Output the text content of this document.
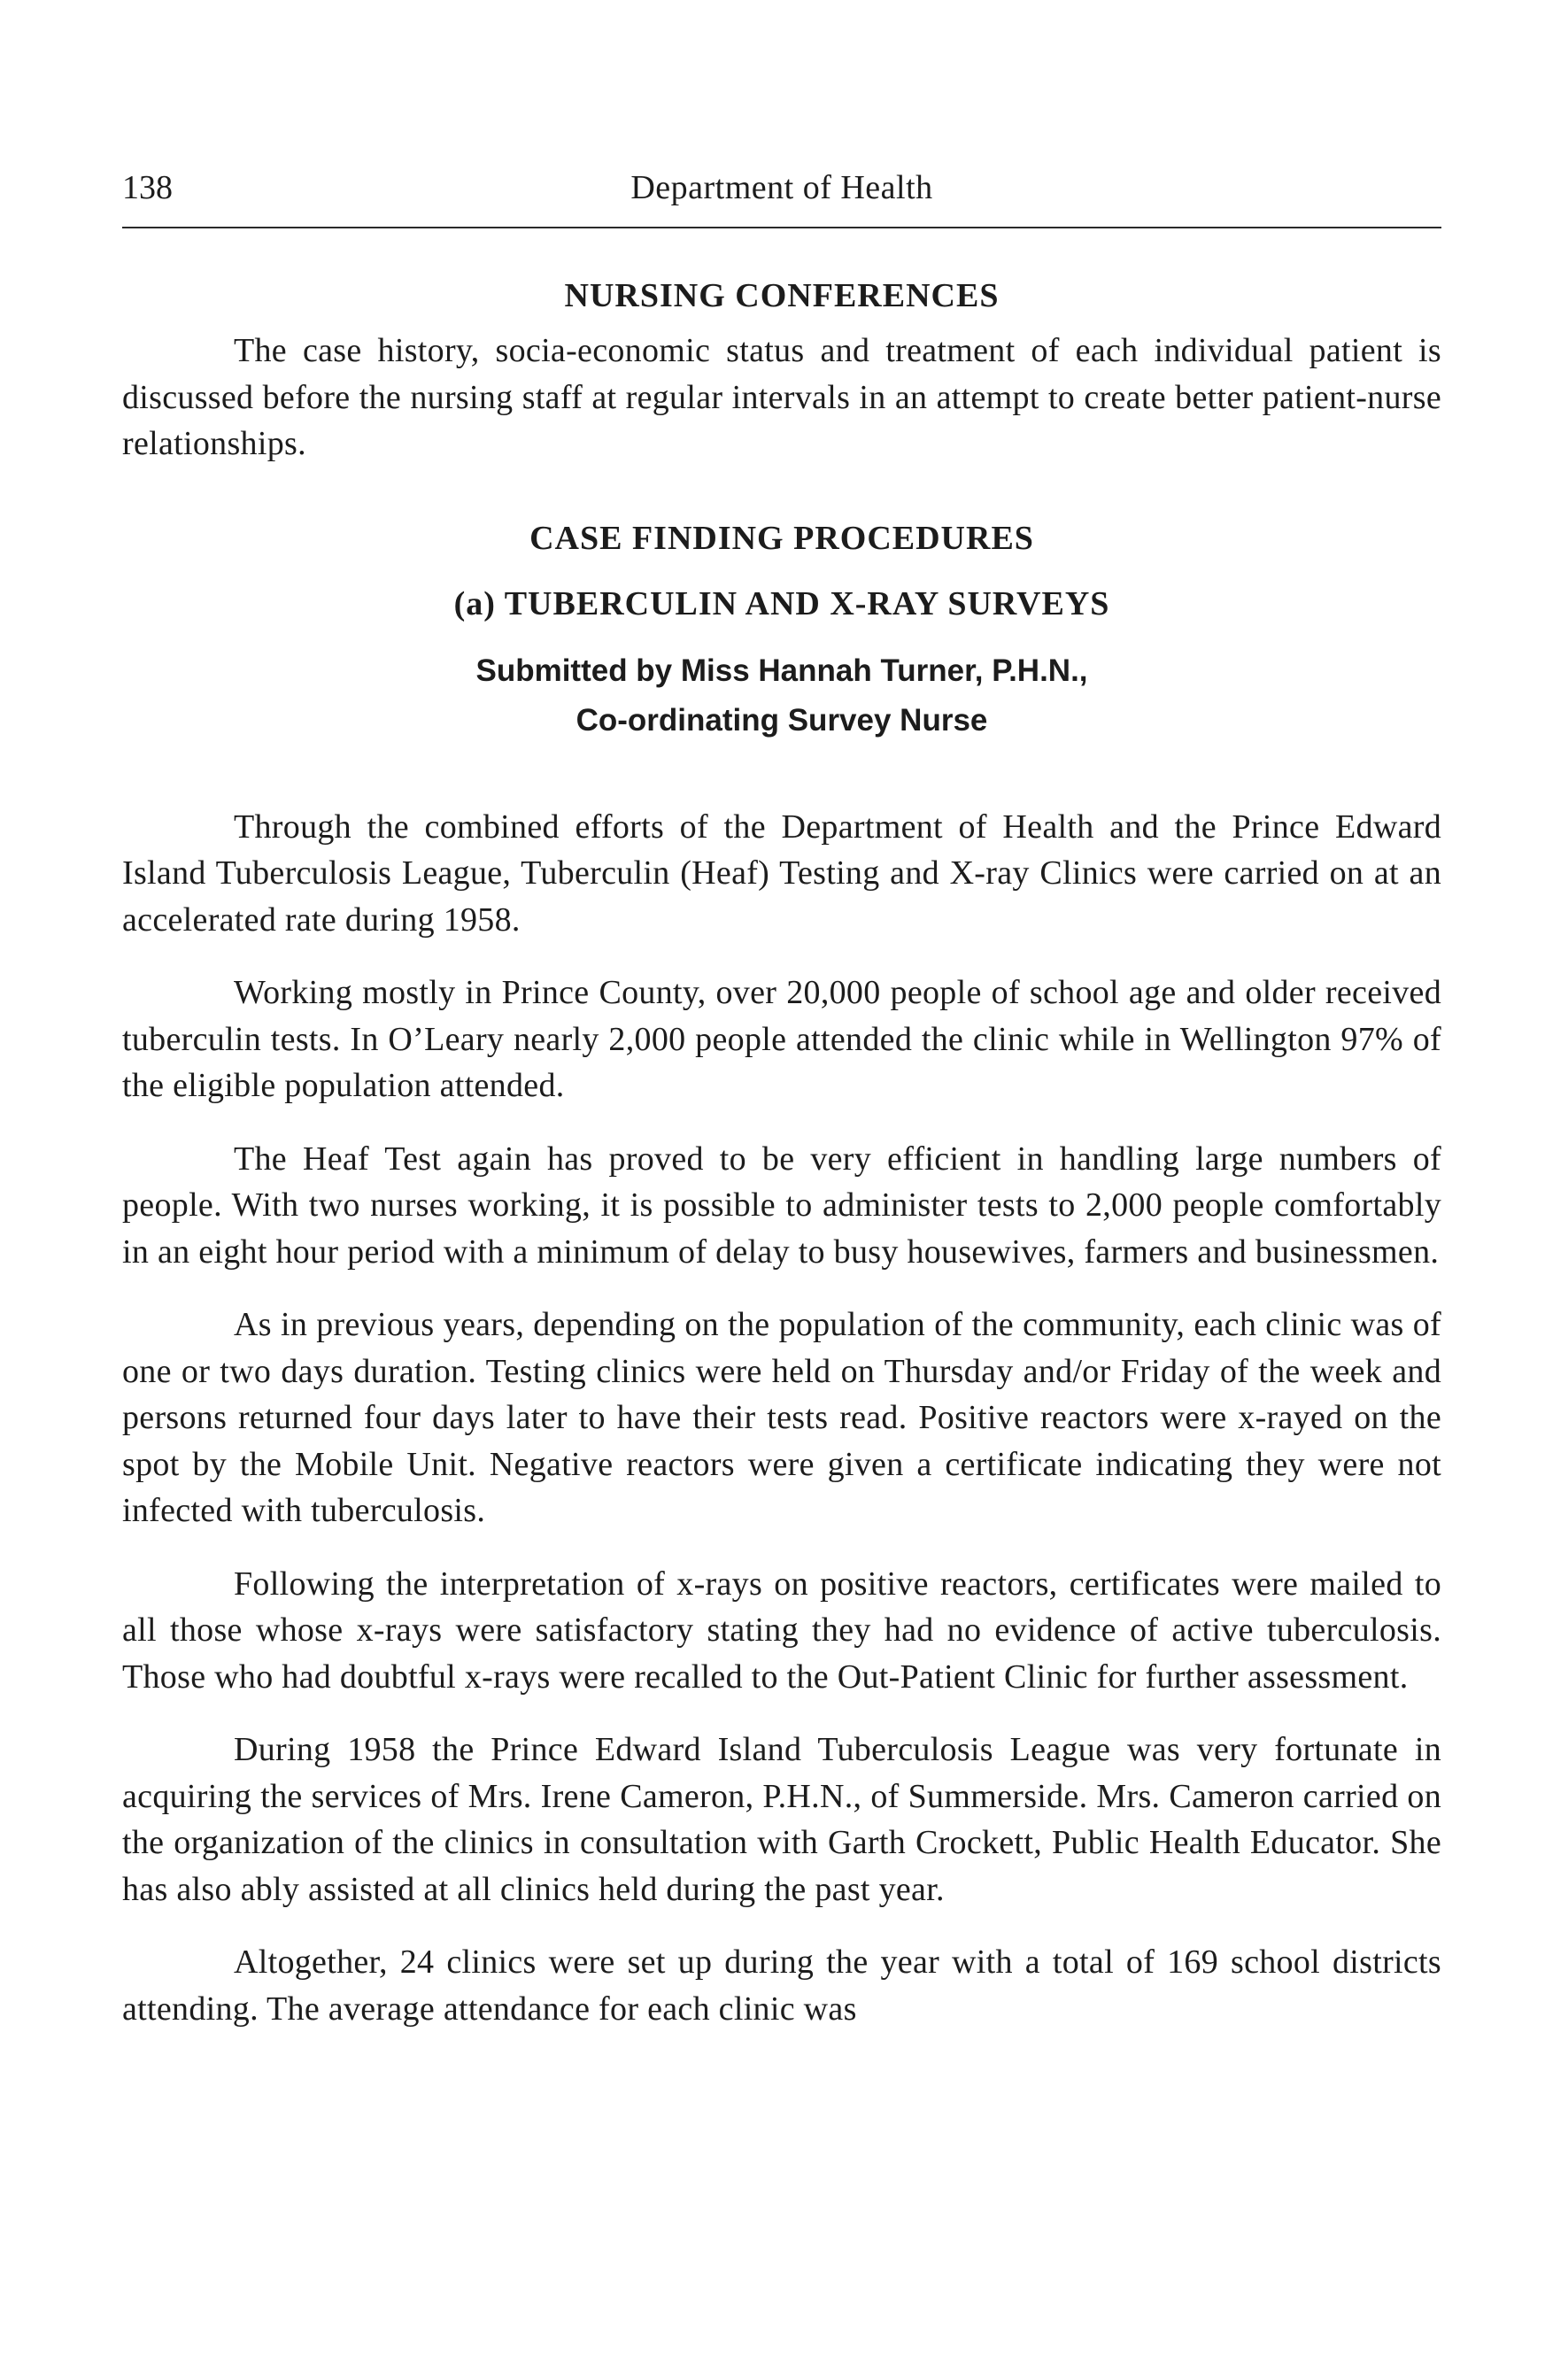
138	Department of Health
NURSING CONFERENCES

The case history, socia-economic status and treatment of each individual patient is discussed before the nursing staff at regular intervals in an attempt to create better patient-nurse relationships.

CASE FINDING PROCEDURES
(a) TUBERCULIN AND X-RAY SURVEYS
Submitted by Miss Hannah Turner, P.H.N.,
Co-ordinating Survey Nurse

Through the combined efforts of the Department of Health and the Prince Edward Island Tuberculosis League, Tuberculin (Heaf) Testing and X-ray Clinics were carried on at an accelerated rate during 1958.

Working mostly in Prince County, over 20,000 people of school age and older received tuberculin tests. In O’Leary nearly 2,000 people attended the clinic while in Wellington 97% of the eligible population attended.

The Heaf Test again has proved to be very efficient in handling large numbers of people. With two nurses working, it is possible to administer tests to 2,000 people comfortably in an eight hour period with a minimum of delay to busy housewives, farmers and businessmen.

As in previous years, depending on the population of the community, each clinic was of one or two days duration. Testing clinics were held on Thursday and/or Friday of the week and persons returned four days later to have their tests read. Positive reactors were x-rayed on the spot by the Mobile Unit. Negative reactors were given a certificate indicating they were not infected with tuberculosis.

Following the interpretation of x-rays on positive reactors, certificates were mailed to all those whose x-rays were satisfactory stating they had no evidence of active tuberculosis. Those who had doubtful x-rays were recalled to the Out-Patient Clinic for further assessment.

During 1958 the Prince Edward Island Tuberculosis League was very fortunate in acquiring the services of Mrs. Irene Cameron, P.H.N., of Summerside. Mrs. Cameron carried on the organization of the clinics in consultation with Garth Crockett, Public Health Educator. She has also ably assisted at all clinics held during the past year.

Altogether, 24 clinics were set up during the year with a total of 169 school districts attending. The average attendance for each clinic was
